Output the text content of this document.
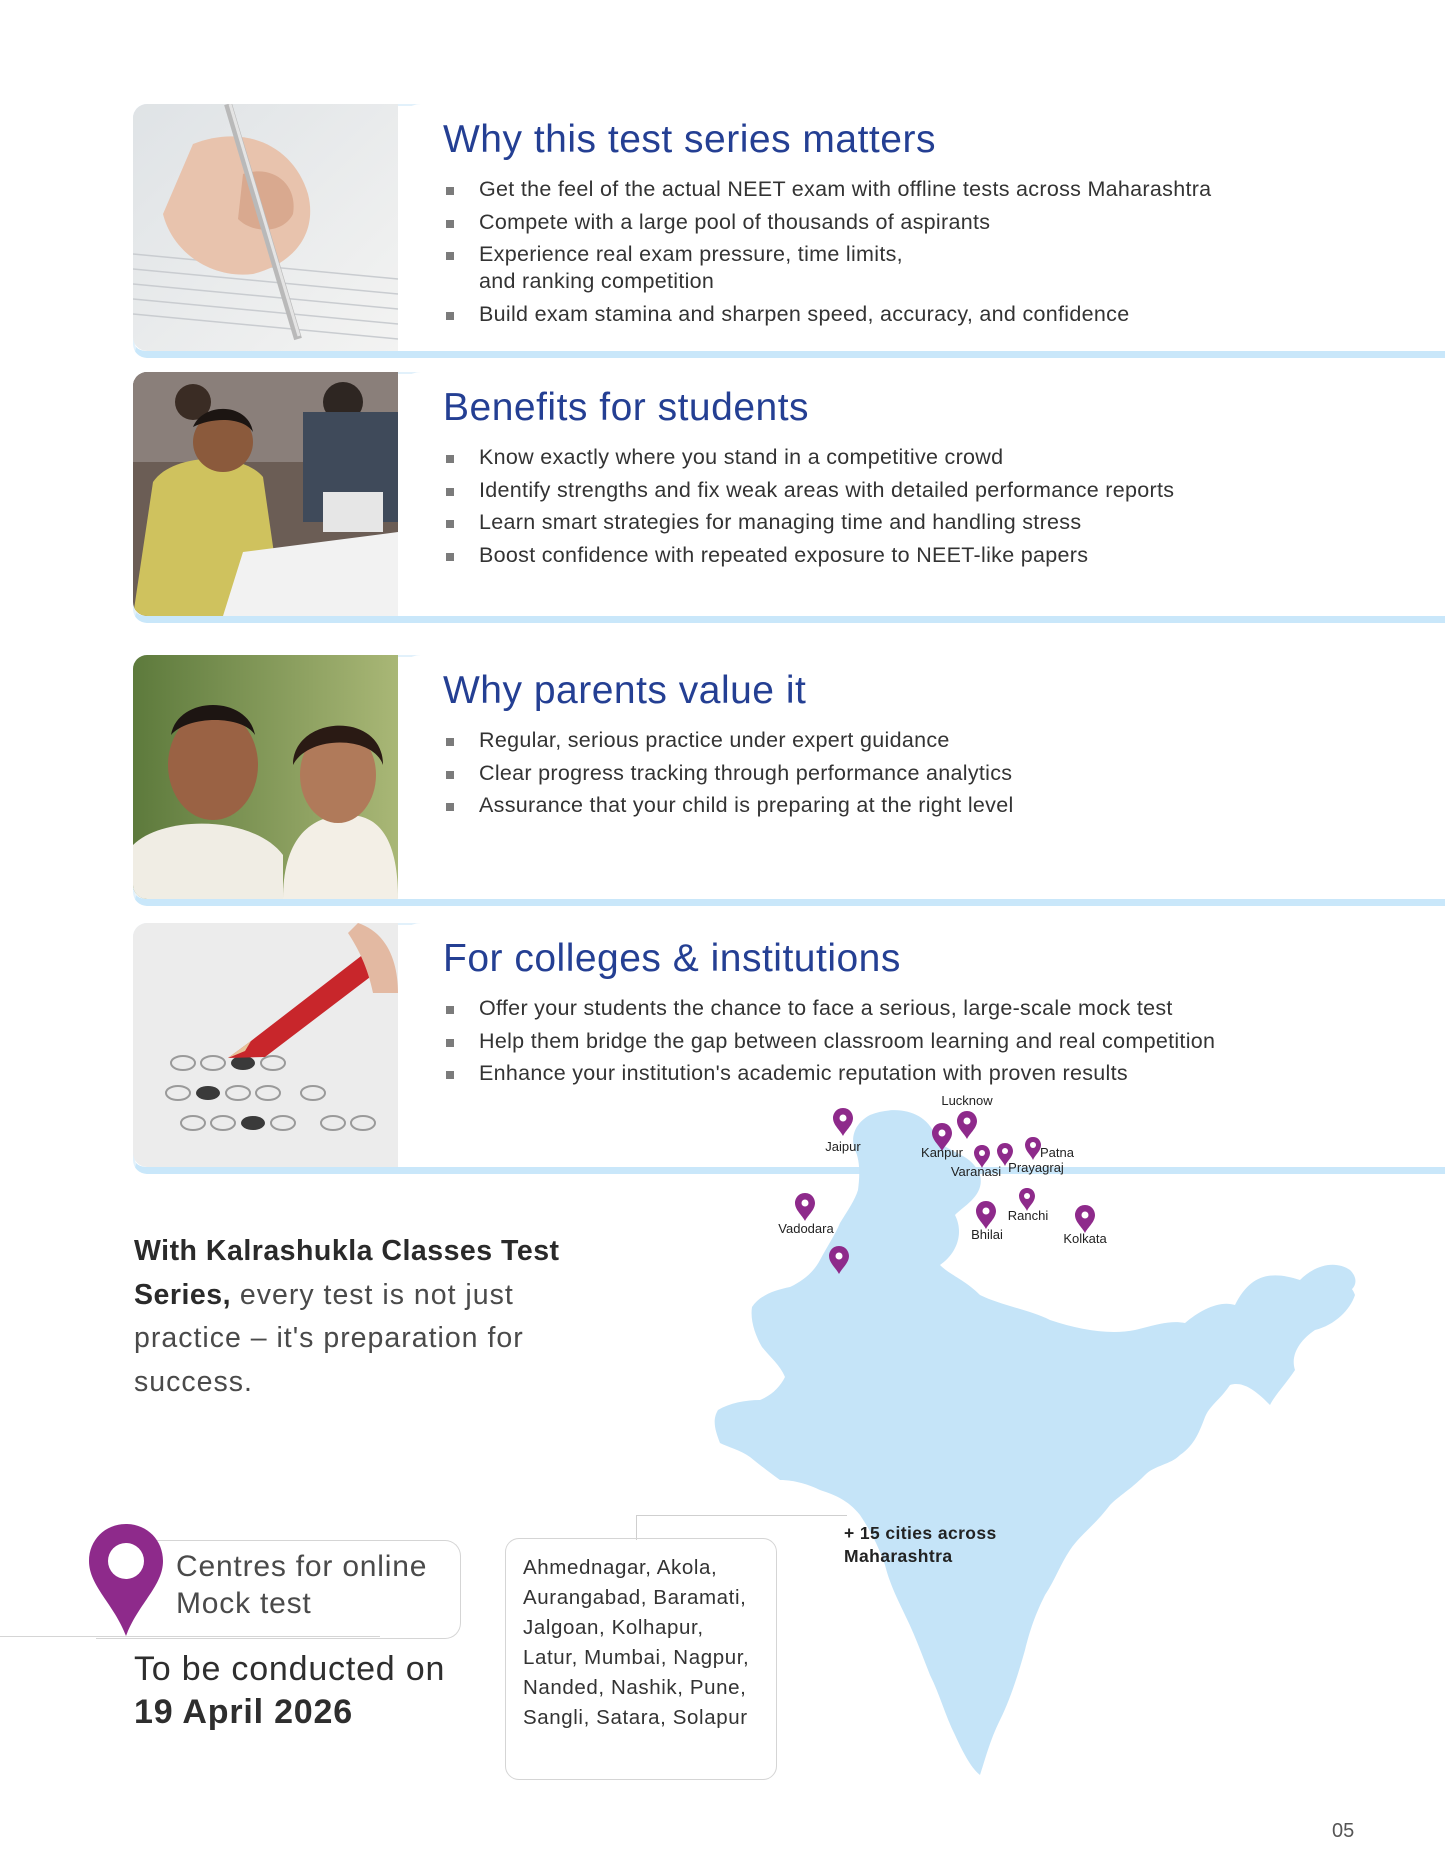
Why this test series matters
Get the feel of the actual NEET exam with offline tests across Maharashtra
Compete with a large pool of thousands of aspirants
Experience real exam pressure, time limits,
and ranking competition
Build exam stamina and sharpen speed, accuracy, and confidence
Benefits for students
Know exactly where you stand in a competitive crowd
Identify strengths and fix weak areas with detailed performance reports
Learn smart strategies for managing time and handling stress
Boost confidence with repeated exposure to NEET-like papers
Why parents value it
Regular, serious practice under expert guidance
Clear progress tracking through performance analytics
Assurance that your child is preparing at the right level
For colleges & institutions
Offer your students the chance to face a serious, large-scale mock test
Help them bridge the gap between classroom learning and real competition
Enhance your institution's academic reputation with proven results
Lucknow
Jaipur	Kanpur	Patna
Varanasi Prayagraj
Ranchi
Vadodara	Bhilai	Kolkata
+ 15 cities across
Maharashtra
With Kalrashukla Classes Test Series, every test is not just practice – it's preparation for success.
Centres for online
Mock test
To be conducted on
19 April 2026
Ahmednagar, Akola, Aurangabad, Baramati, Jalgoan, Kolhapur, Latur, Mumbai, Nagpur, Nanded, Nashik, Pune, Sangli, Satara, Solapur
05
